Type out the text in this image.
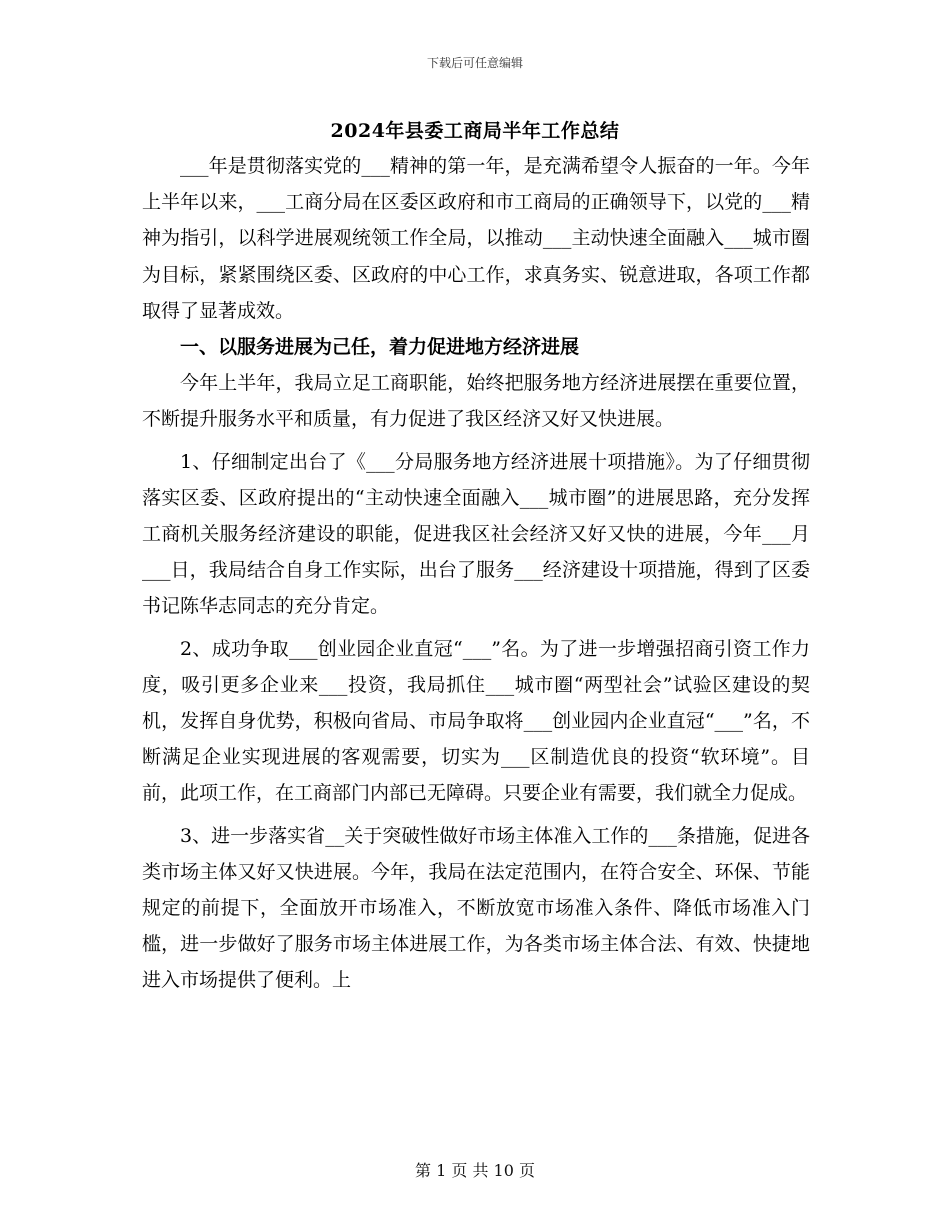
下载后可任意编辑
2024年县委工商局半年工作总结

___年是贯彻落实党的___精神的第一年，是充满希望令人振奋的一年。今年上半年以来，___工商分局在区委区政府和市工商局的正确领导下，以党的___精神为指引，以科学进展观统领工作全局，以推动___主动快速全面融入___城市圈为目标，紧紧围绕区委、区政府的中心工作，求真务实、锐意进取，各项工作都取得了显著成效。

一、以服务进展为己任，着力促进地方经济进展

今年上半年，我局立足工商职能，始终把服务地方经济进展摆在重要位置，不断提升服务水平和质量，有力促进了我区经济又好又快进展。

1、仔细制定出台了《___分局服务地方经济进展十项措施》。为了仔细贯彻落实区委、区政府提出的“主动快速全面融入___城市圈”的进展思路，充分发挥工商机关服务经济建设的职能，促进我区社会经济又好又快的进展，今年___月___日，我局结合自身工作实际，出台了服务___经济建设十项措施，得到了区委书记陈华志同志的充分肯定。

2、成功争取___创业园企业直冠“___”名。为了进一步增强招商引资工作力度，吸引更多企业来___投资，我局抓住___城市圈“两型社会”试验区建设的契机，发挥自身优势，积极向省局、市局争取将___创业园内企业直冠“___”名，不断满足企业实现进展的客观需要，切实为___区制造优良的投资“软环境”。目前，此项工作，在工商部门内部已无障碍。只要企业有需要，我们就全力促成。

3、进一步落实省__关于突破性做好市场主体准入工作的___条措施，促进各类市场主体又好又快进展。今年，我局在法定范围内，在符合安全、环保、节能规定的前提下，全面放开市场准入，不断放宽市场准入条件、降低市场准入门槛，进一步做好了服务市场主体进展工作，为各类市场主体合法、有效、快捷地进入市场提供了便利。上

第 1 页 共 10 页
